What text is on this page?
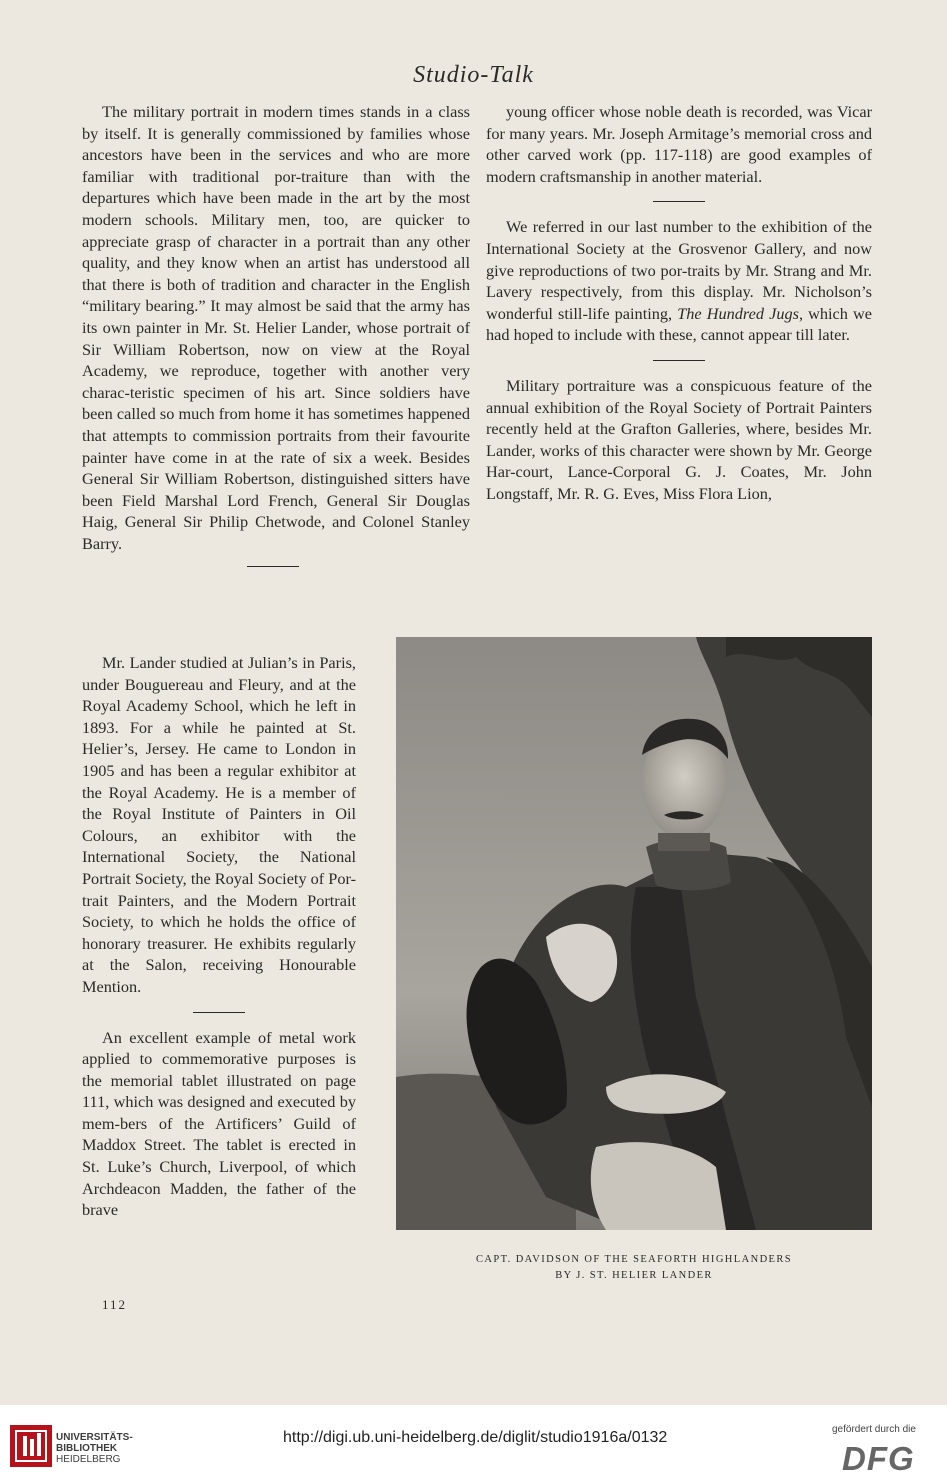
Studio-Talk

The military portrait in modern times stands in a class by itself. It is generally commissioned by families whose ancestors have been in the services and who are more familiar with traditional por-traiture than with the departures which have been made in the art by the most modern schools. Military men, too, are quicker to appreciate grasp of character in a portrait than any other quality, and they know when an artist has understood all that there is both of tradition and character in the English “military bearing.” It may almost be said that the army has its own painter in Mr. St. Helier Lander, whose portrait of Sir William Robertson, now on view at the Royal Academy, we reproduce, together with another very charac-teristic specimen of his art. Since soldiers have been called so much from home it has sometimes happened that attempts to commission portraits from their favourite painter have come in at the rate of six a week. Besides General Sir William Robertson, distinguished sitters have been Field Marshal Lord French, General Sir Douglas Haig, General Sir Philip Chetwode, and Colonel Stanley Barry.

Mr. Lander studied at Julian’s in Paris, under Bouguereau and Fleury, and at the Royal Academy School, which he left in 1893. For a while he painted at St. Helier’s, Jersey. He came to London in 1905 and has been a regular exhibitor at the Royal Academy. He is a member of the Royal Institute of Painters in Oil Colours, an exhibitor with the International Society, the National Portrait Society, the Royal Society of Por-trait Painters, and the Modern Portrait Society, to which he holds the office of honorary treasurer. He exhibits regularly at the Salon, receiving Honourable Mention.

An excellent example of metal work applied to commemorative purposes is the memorial tablet illustrated on page 111, which was designed and executed by mem-bers of the Artificers’ Guild of Maddox Street. The tablet is erected in St. Luke’s Church, Liverpool, of which Archdeacon Madden, the father of the brave

young officer whose noble death is recorded, was Vicar for many years. Mr. Joseph Armitage’s memorial cross and other carved work (pp. 117-118) are good examples of modern craftsmanship in another material.

We referred in our last number to the exhibition of the International Society at the Grosvenor Gallery, and now give reproductions of two por-traits by Mr. Strang and Mr. Lavery respectively, from this display. Mr. Nicholson’s wonderful still-life painting, The Hundred Jugs, which we had hoped to include with these, cannot appear till later.

Military portraiture was a conspicuous feature of the annual exhibition of the Royal Society of Portrait Painters recently held at the Grafton Galleries, where, besides Mr. Lander, works of this character were shown by Mr. George Har-court, Lance-Corporal G. J. Coates, Mr. John Longstaff, Mr. R. G. Eves, Miss Flora Lion,

CAPT. DAVIDSON OF THE SEAFORTH HIGHLANDERS
BY J. ST. HELIER LANDER
112
UNIVERSITÄTS-
BIBLIOTHEK
HEIDELBERG
http://digi.ub.uni-heidelberg.de/diglit/studio1916a/0132	gefördert durch die
DFG
